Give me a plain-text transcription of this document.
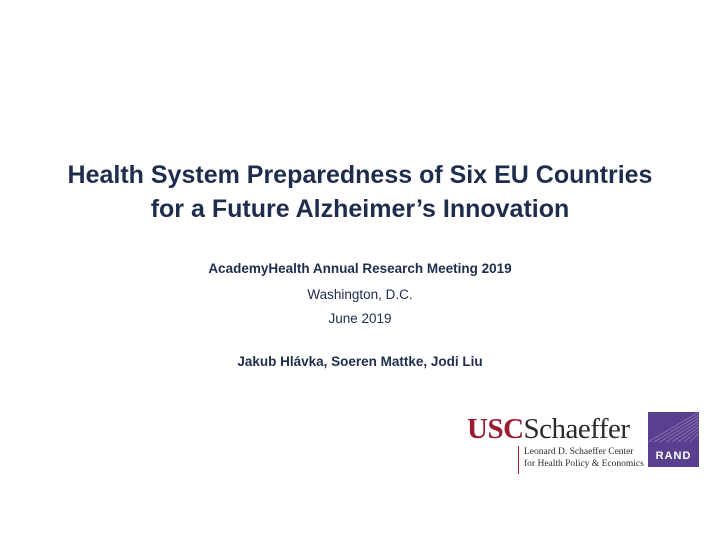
Health System Preparedness of Six EU Countries
for a Future Alzheimer’s Innovation
AcademyHealth Annual Research Meeting 2019
Washington, D.C.
June 2019
Jakub Hlávka, Soeren Mattke, Jodi Liu
USCSchaeffer
Leonard D. Schaeffer Center
for Health Policy & Economics
RAND
